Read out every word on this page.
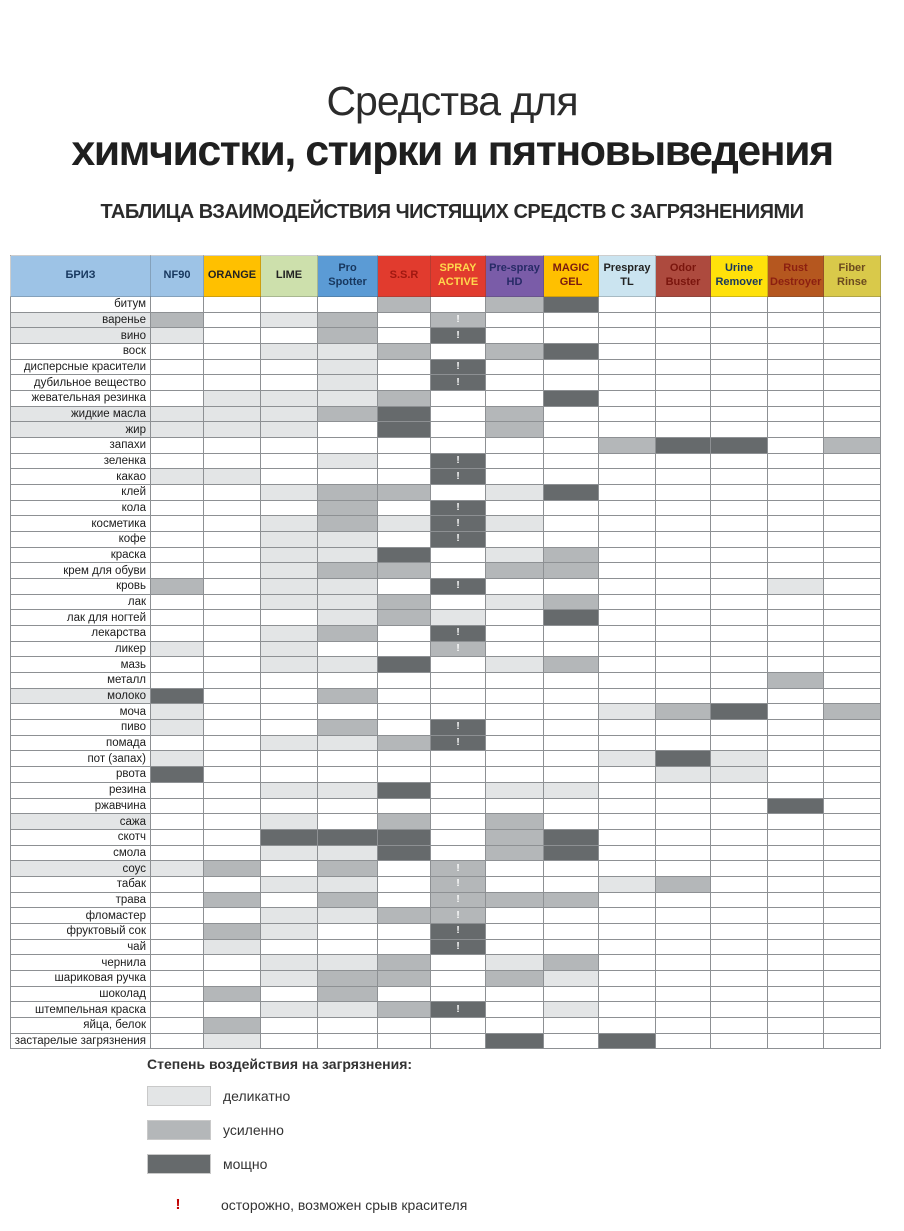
Средства для
химчистки, стирки и пятновыведения
ТАБЛИЦА ВЗАИМОДЕЙСТВИЯ ЧИСТЯЩИХ СРЕДСТВ С ЗАГРЯЗНЕНИЯМИ
БРИЗ	NF90	ORANGE	LIME	Pro Spotter	S.S.R	SPRAY ACTIVE	Pre-spray HD	MAGIC GEL	Prespray TL	Odor Buster	Urine Remover	Rust Destroyer	Fiber Rinse
битум													
варенье						!							
вино						!							
воск													
дисперсные красители						!							
дубильное вещество						!							
жевательная резинка													
жидкие масла													
жир													
запахи													
зеленка						!							
какао						!							
клей													
кола						!							
косметика						!							
кофе						!							
краска													
крем для обуви													
кровь						!							
лак													
лак для ногтей													
лекарства						!							
ликер						!							
мазь													
металл													
молоко													
моча													
пиво						!							
помада						!							
пот (запах)													
рвота													
резина													
ржавчина													
сажа													
скотч													
смола													
соус						!							
табак						!							
трава						!							
фломастер						!							
фруктовый сок						!							
чай						!							
чернила													
шариковая ручка													
шоколад													
штемпельная краска						!							
яйца, белок													
застарелые загрязнения													
Степень воздействия на загрязнения:
деликатно
усиленно
мощно
!	осторожно, возможен срыв красителя
